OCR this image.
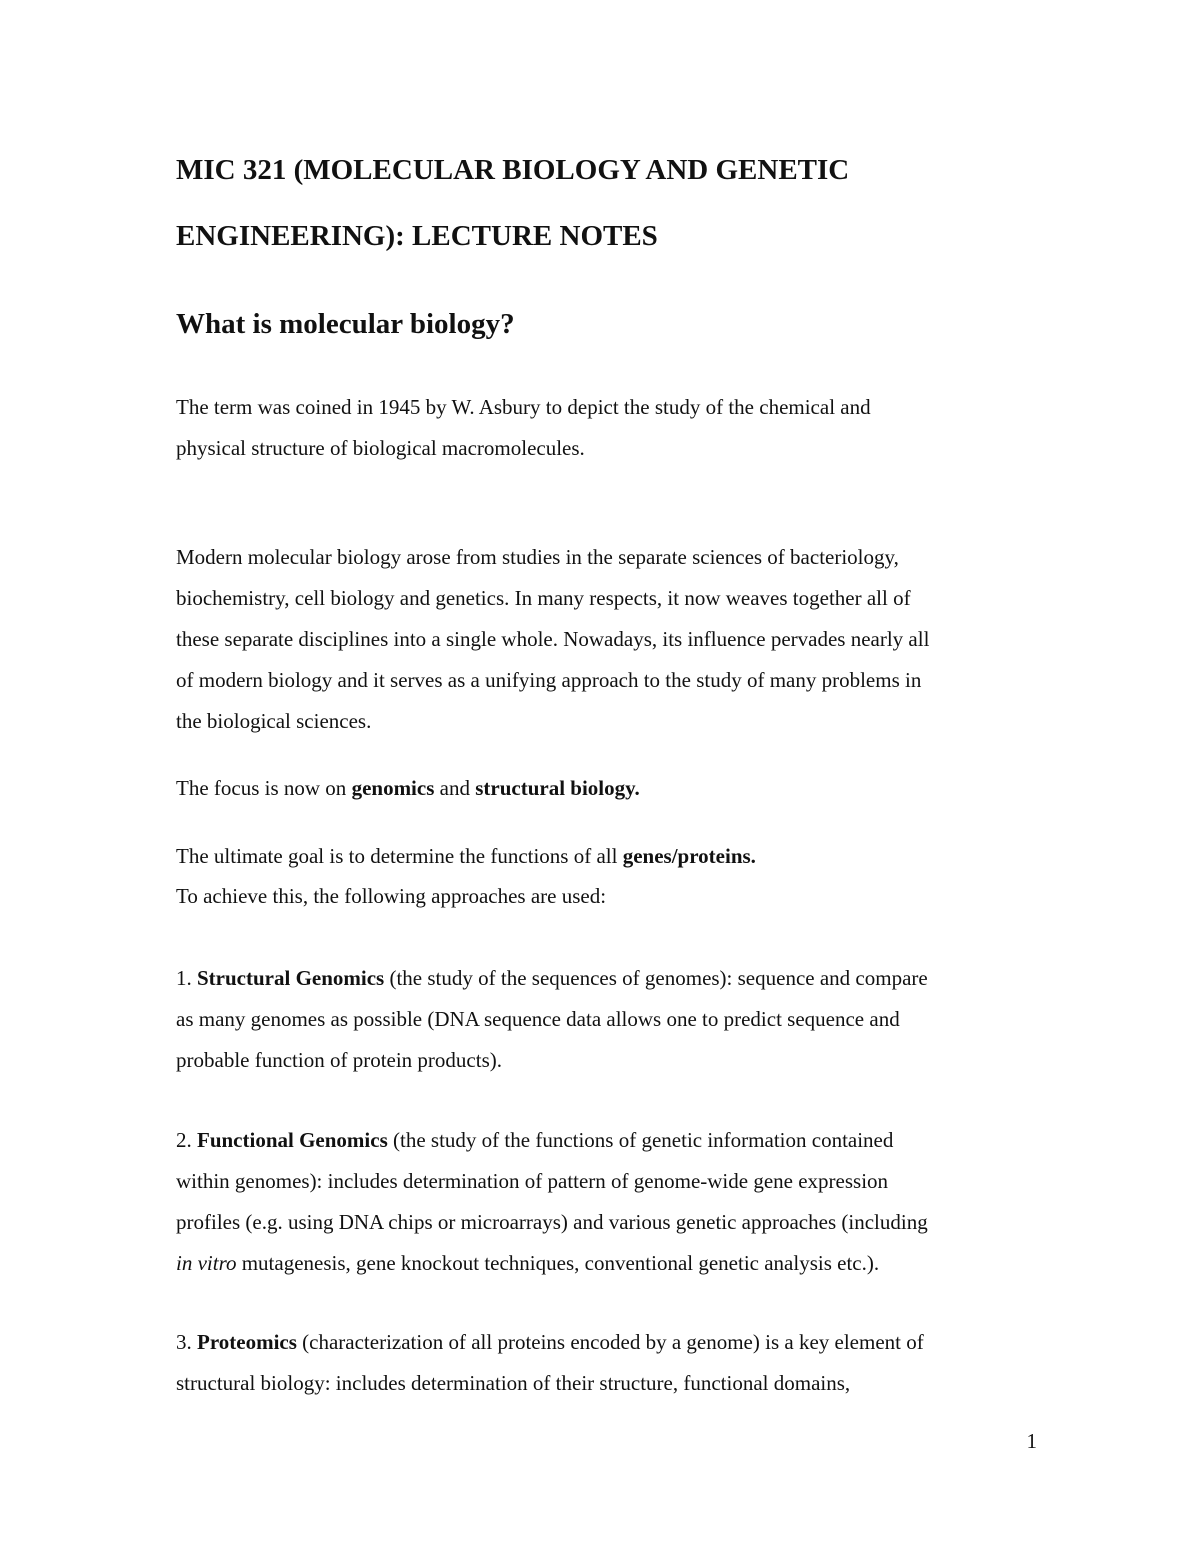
MIC 321 (MOLECULAR BIOLOGY AND GENETIC
ENGINEERING): LECTURE NOTES
What is molecular biology?

The term was coined in 1945 by W. Asbury to depict the study of the chemical and
physical structure of biological macromolecules.

Modern molecular biology arose from studies in the separate sciences of bacteriology,
biochemistry, cell biology and genetics. In many respects, it now weaves together all of
these separate disciplines into a single whole. Nowadays, its influence pervades nearly all
of modern biology and it serves as a unifying approach to the study of many problems in
the biological sciences.

The focus is now on genomics and structural biology.

The ultimate goal is to determine the functions of all genes/proteins.

To achieve this, the following approaches are used:

1. Structural Genomics (the study of the sequences of genomes): sequence and compare
as many genomes as possible (DNA sequence data allows one to predict sequence and
probable function of protein products).

2. Functional Genomics (the study of the functions of genetic information contained
within genomes): includes determination of pattern of genome-wide gene expression
profiles (e.g. using DNA chips or microarrays) and various genetic approaches (including
in vitro mutagenesis, gene knockout techniques, conventional genetic analysis etc.).

3. Proteomics (characterization of all proteins encoded by a genome) is a key element of
structural biology: includes determination of their structure, functional domains,

1
